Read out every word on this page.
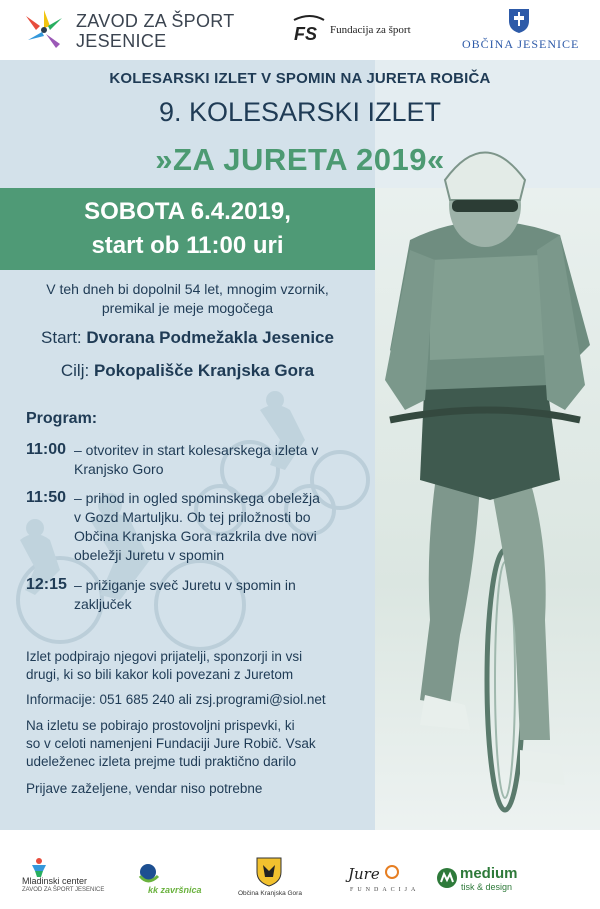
ZAVOD ZA ŠPORT
JESENICE	FS Fundacija za šport
OBČINA JESENICE
KOLESARSKI IZLET V SPOMIN NA JURETA ROBIČA
9. KOLESARSKI IZLET
»ZA JURETA 2019«
SOBOTA 6.4.2019,
start ob 11:00 uri
V teh dneh bi dopolnil 54 let, mnogim vzornik,
premikal je meje mogočega
Start: Dvorana Podmežakla Jesenice
Cilj: Pokopališče Kranjska Gora
Program:
11:00 – otvoritev in start kolesarskega izleta v
Kranjsko Goro
11:50 – prihod in ogled spominskega obeležja
v Gozd Martuljku. Ob tej priložnosti bo
Občina Kranjska Gora razkrila dve novi
obeležji Juretu v spomin
12:15 – prižiganje sveč Juretu v spomin in
zaključek
Izlet podpirajo njegovi prijatelji, sponzorji in vsi
drugi, ki so bili kakor koli povezani z Juretom
Informacije: 051 685 240 ali zsj.programi@siol.net
Na izletu se pobirajo prostovoljni prispevki, ki
so v celoti namenjeni Fundaciji Jure Robič. Vsak
udeleženec izleta prejme tudi praktično darilo
Prijave zaželjene, vendar niso potrebne
Mladinski center
ZAVOD ZA ŠPORT JESENICE	kk završnica	Občina Kranjska Gora
Jure
FUNDACIJA
medium
tisk & design
